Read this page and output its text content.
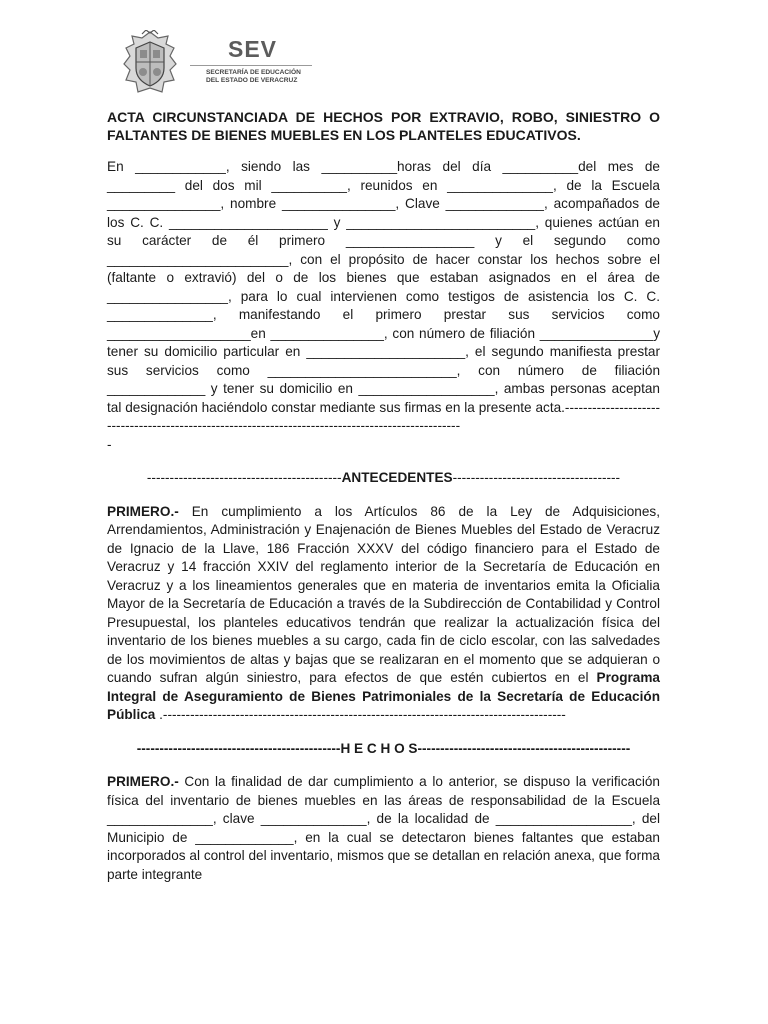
SEV
SECRETARÍA DE EDUCACIÓN
DEL ESTADO DE VERACRUZ

ACTA CIRCUNSTANCIADA DE HECHOS POR EXTRAVIO, ROBO, SINIESTRO O FALTANTES DE BIENES MUEBLES EN LOS PLANTELES EDUCATIVOS.

En ____________, siendo las __________horas del día __________del mes de _________ del dos mil __________, reunidos en ______________, de la Escuela _______________, nombre _______________, Clave _____________, acompañados de los C. C. _____________________ y _________________________, quienes actúan en su carácter de él primero _________________ y el segundo como ________________________, con el propósito de hacer constar los hechos sobre el (faltante o extravió) del o de los bienes que estaban asignados en el área de ________________, para lo cual intervienen como testigos de asistencia los C. C. ______________, manifestando el primero prestar sus servicios como ___________________en _______________, con número de filiación _______________y tener su domicilio particular en _____________________, el segundo manifiesta prestar sus servicios como _________________________, con número de filiación _____________ y tener su domicilio en __________________, ambas personas aceptan tal designación haciéndolo constar mediante sus firmas en la presente acta.---------------------------------------------------------------------------------------------------

-

-------------------------------------------ANTECEDENTES-------------------------------------

PRIMERO.- En cumplimiento a los Artículos 86 de la Ley de Adquisiciones, Arrendamientos, Administración y Enajenación de Bienes Muebles del Estado de Veracruz de Ignacio de la Llave, 186 Fracción XXXV del código financiero para el Estado de Veracruz y 14 fracción XXIV del reglamento interior de la Secretaría de Educación en Veracruz y a los lineamientos generales que en materia de inventarios emita la Oficialia Mayor de la Secretaría de Educación a través de la Subdirección de Contabilidad y Control Presupuestal, los planteles educativos tendrán que realizar la actualización física del inventario de los bienes muebles a su cargo, cada fin de ciclo escolar, con las salvedades de los movimientos de altas y bajas que se realizaran en el momento que se adquieran o cuando sufran algún siniestro, para efectos de que estén cubiertos en el Programa Integral de Aseguramiento de Bienes Patrimoniales de la Secretaría de Educación Pública .-----------------------------------------------------------------------------------------

---------------------------------------------H E C H O S-----------------------------------------------

PRIMERO.- Con la finalidad de dar cumplimiento a lo anterior, se dispuso la verificación física del inventario de bienes muebles en las áreas de responsabilidad de la Escuela ______________, clave ______________, de la localidad de __________________, del Municipio de _____________, en la cual se detectaron bienes faltantes que estaban incorporados al control del inventario, mismos que se detallan en relación anexa, que forma parte integrante
